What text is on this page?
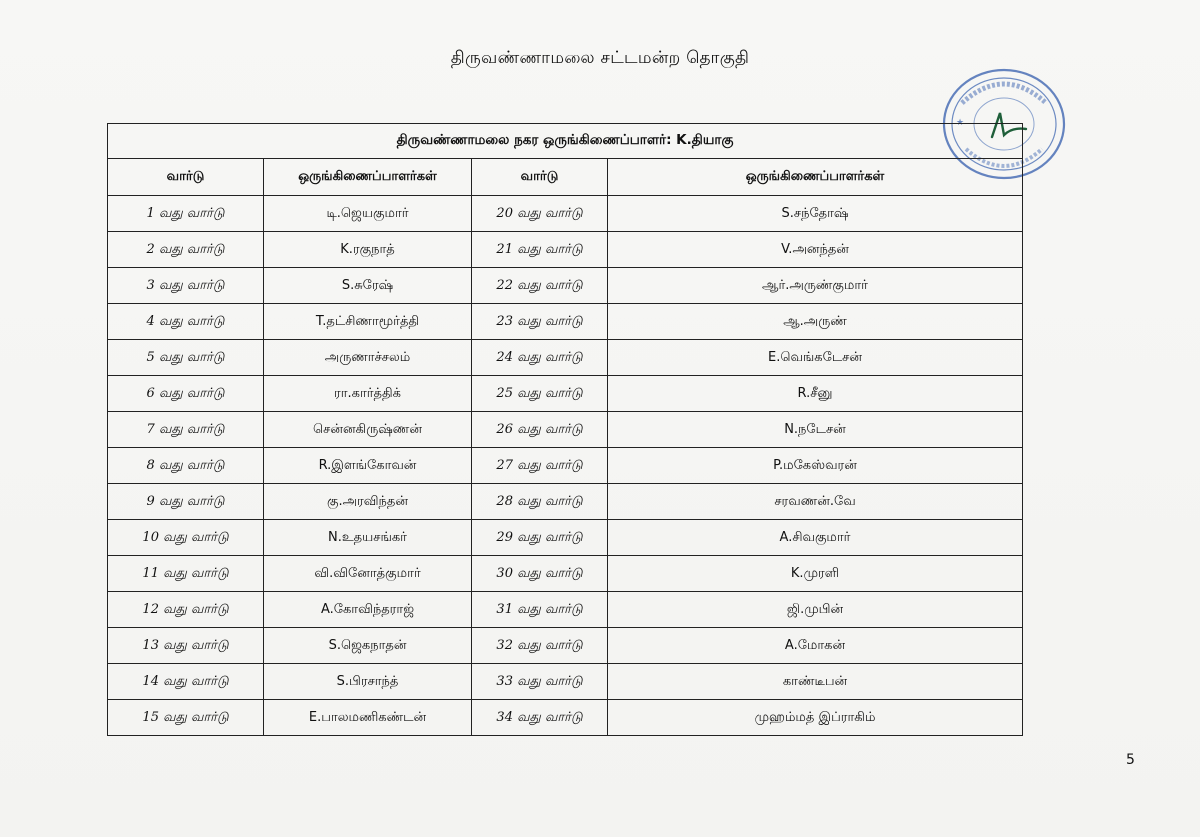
திருவண்ணாமலை சட்டமன்ற தொகுதி
★
திருவண்ணாமலை நகர ஒருங்கிணைப்பாளர்: K.தியாகு			
வார்டு	ஒருங்கிணைப்பாளர்கள்	வார்டு	ஒருங்கிணைப்பாளர்கள்
1 வது வார்டு	டி.ஜெயகுமார்	20 வது வார்டு	S.சந்தோஷ்
2 வது வார்டு	K.ரகுநாத்	21 வது வார்டு	V.அனந்தன்
3 வது வார்டு	S.சுரேஷ்	22 வது வார்டு	ஆர்.அருண்குமார்
4 வது வார்டு	T.தட்சிணாமூர்த்தி	23 வது வார்டு	ஆ.அருண்
5 வது வார்டு	அருணாச்சலம்	24 வது வார்டு	E.வெங்கடேசன்
6 வது வார்டு	ரா.கார்த்திக்	25 வது வார்டு	R.சீனு
7 வது வார்டு	சென்னகிருஷ்ணன்	26 வது வார்டு	N.நடேசன்
8 வது வார்டு	R.இளங்கோவன்	27 வது வார்டு	P.மகேஸ்வரன்
9 வது வார்டு	கு.அரவிந்தன்	28 வது வார்டு	சரவணன்.வே
10 வது வார்டு	N.உதயசங்கர்	29 வது வார்டு	A.சிவகுமார்
11 வது வார்டு	வி.வினோத்குமார்	30 வது வார்டு	K.முரளி
12 வது வார்டு	A.கோவிந்தராஜ்	31 வது வார்டு	ஜி.முபின்
13 வது வார்டு	S.ஜெகநாதன்	32 வது வார்டு	A.மோகன்
14 வது வார்டு	S.பிரசாந்த்	33 வது வார்டு	காண்டீபன்
15 வது வார்டு	E.பாலமணிகண்டன்	34 வது வார்டு	முஹம்மத் இப்ராகிம்
5
